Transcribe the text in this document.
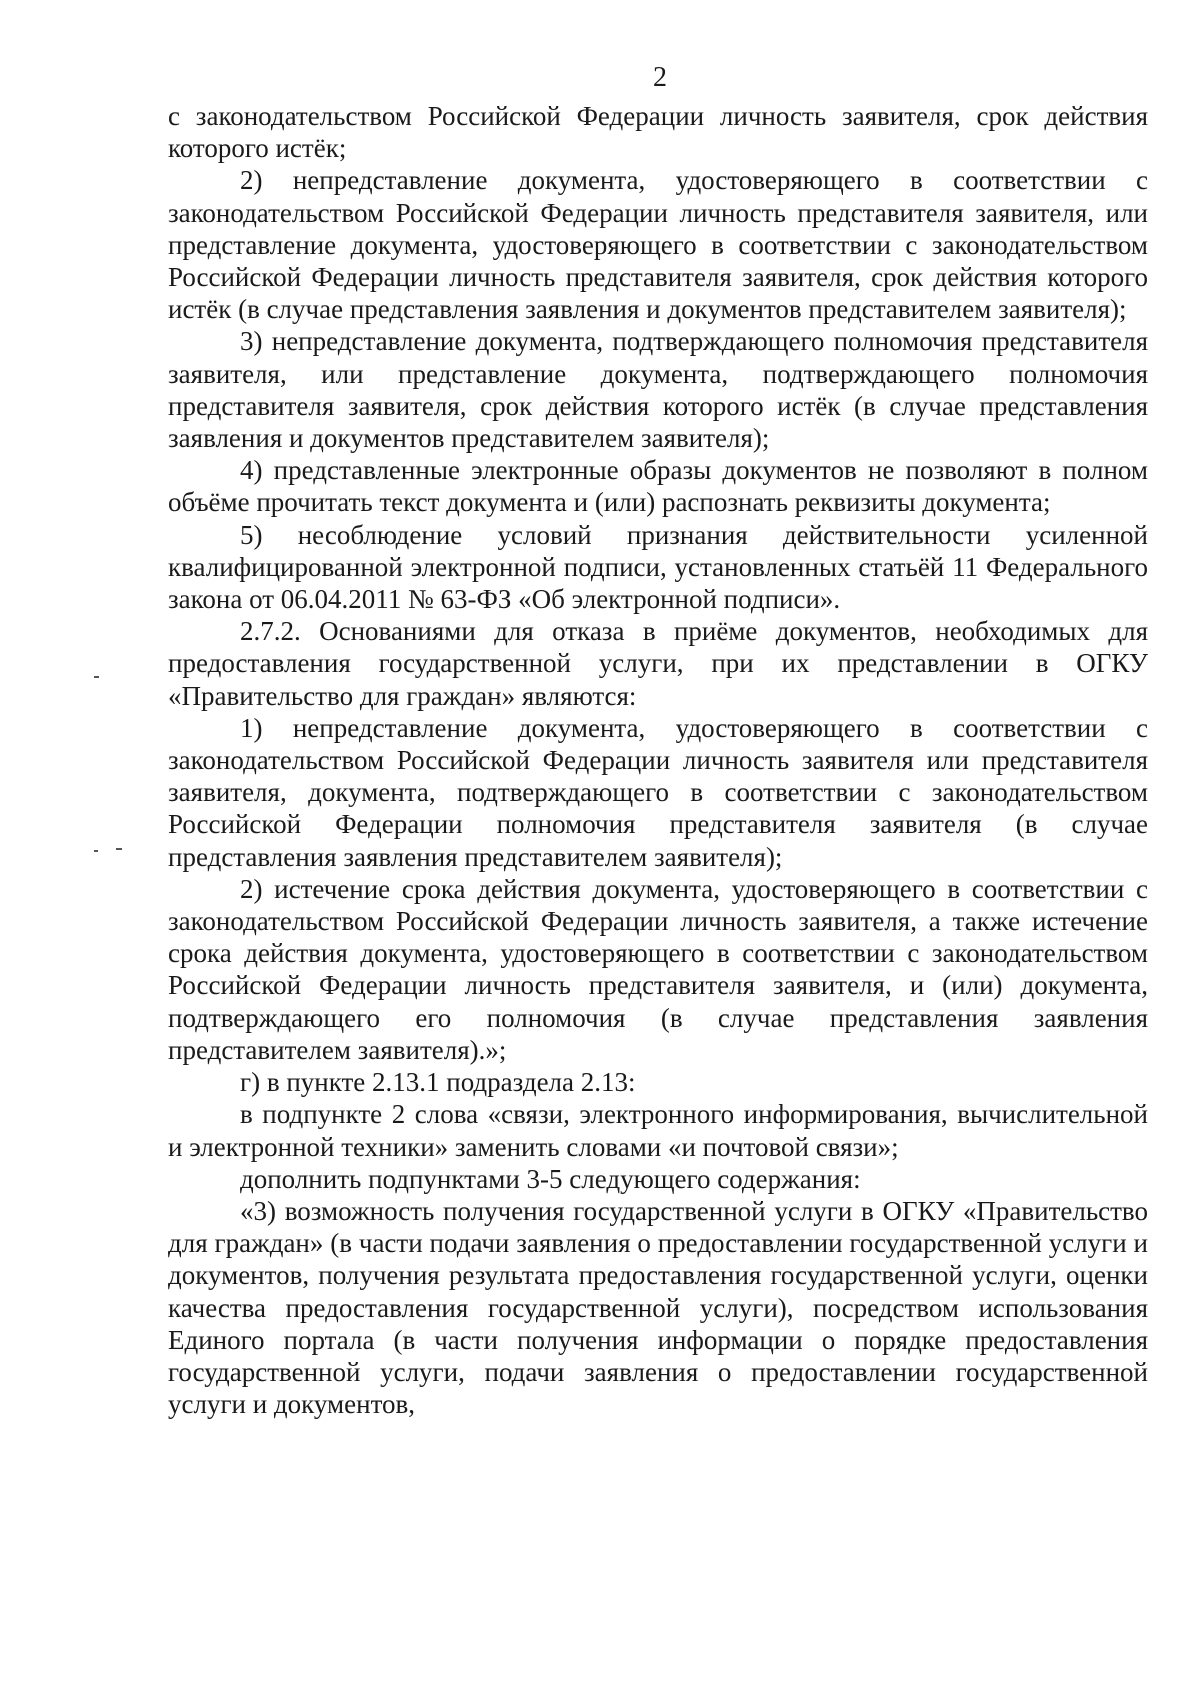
2

с законодательством Российской Федерации личность заявителя, срок действия которого истёк;

2) непредставление документа, удостоверяющего в соответствии с законодательством Российской Федерации личность представителя заявителя, или представление документа, удостоверяющего в соответствии с законодательством Российской Федерации личность представителя заявителя, срок действия которого истёк (в случае представления заявления и документов представителем заявителя);

3) непредставление документа, подтверждающего полномочия представителя заявителя, или представление документа, подтверждающего полномочия представителя заявителя, срок действия которого истёк (в случае представления заявления и документов представителем заявителя);

4) представленные электронные образы документов не позволяют в полном объёме прочитать текст документа и (или) распознать реквизиты документа;

5) несоблюдение условий признания действительности усиленной квалифицированной электронной подписи, установленных статьёй 11 Федерального закона от 06.04.2011 № 63-ФЗ «Об электронной подписи».

2.7.2. Основаниями для отказа в приёме документов, необходимых для предоставления государственной услуги, при их представлении в ОГКУ «Правительство для граждан» являются:

1) непредставление документа, удостоверяющего в соответствии с законодательством Российской Федерации личность заявителя или представителя заявителя, документа, подтверждающего в соответствии с законодательством Российской Федерации полномочия представителя заявителя (в случае представления заявления представителем заявителя);

2) истечение срока действия документа, удостоверяющего в соответствии с законодательством Российской Федерации личность заявителя, а также истечение срока действия документа, удостоверяющего в соответствии с законодательством Российской Федерации личность представителя заявителя, и (или) документа, подтверждающего его полномочия (в случае представления заявления представителем заявителя).»;

г) в пункте 2.13.1 подраздела 2.13:

в подпункте 2 слова «связи, электронного информирования, вычислительной и электронной техники» заменить словами «и почтовой связи»;

дополнить подпунктами 3-5 следующего содержания:

«3) возможность получения государственной услуги в ОГКУ «Правительство для граждан» (в части подачи заявления о предоставлении государственной услуги и документов, получения результата предоставления государственной услуги, оценки качества предоставления государственной услуги), посредством использования Единого портала (в части получения информации о порядке предоставления государственной услуги, подачи заявления о предоставлении государственной услуги и документов,
